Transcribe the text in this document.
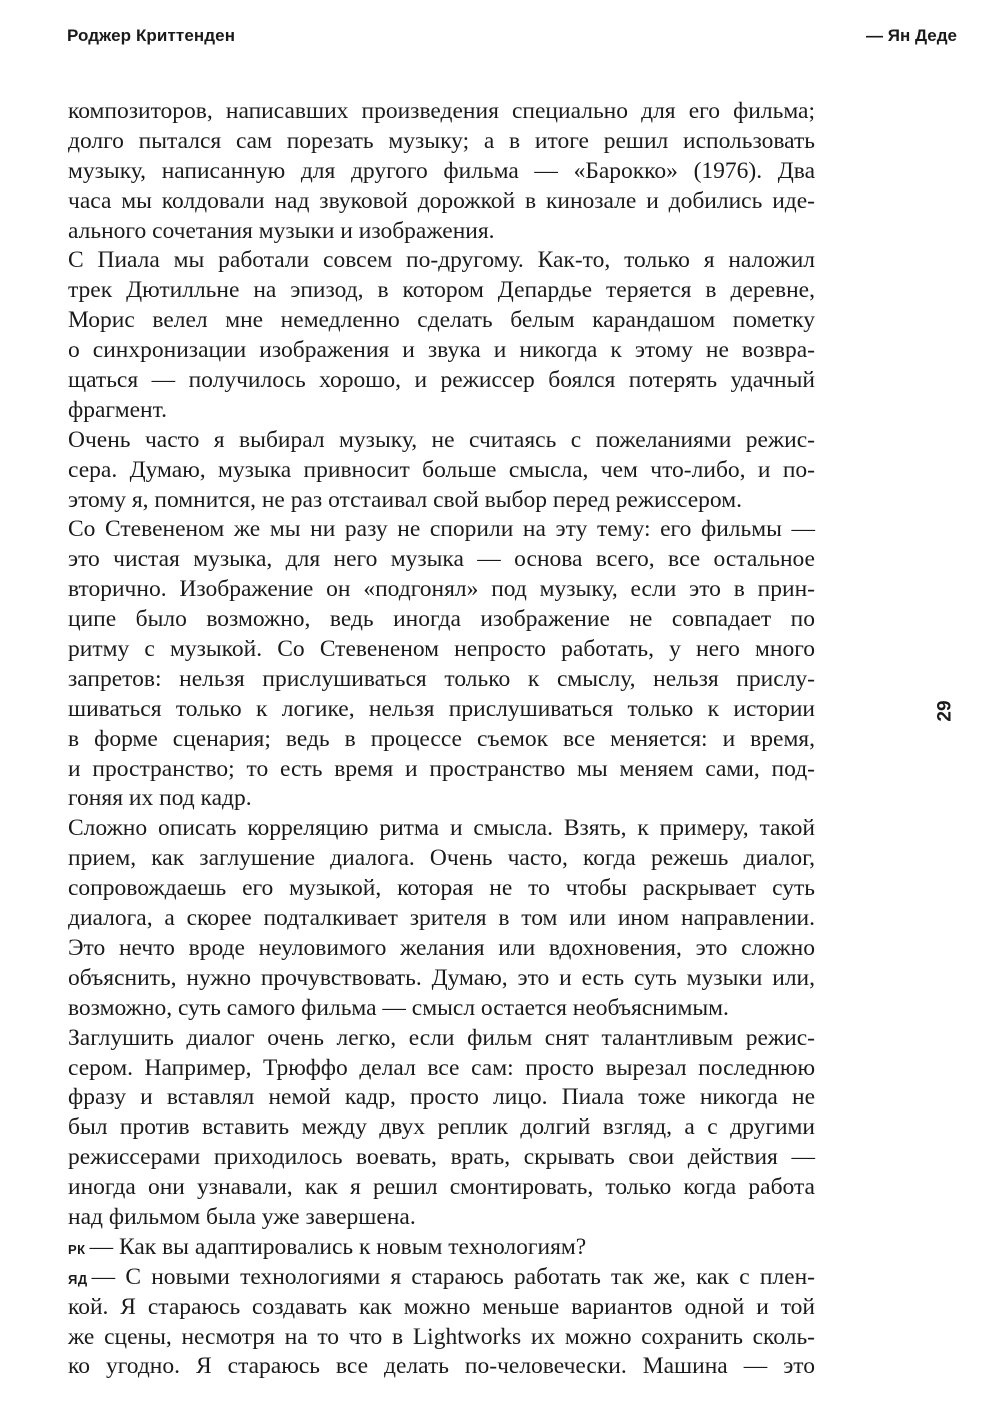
Роджер Криттенден	— Ян Деде
29
композиторов, написавших произведения специально для его фильма;
долго пытался сам порезать музыку; а в итоге решил использовать
музыку, написанную для другого фильма — «Барокко» (1976). Два
часа мы колдовали над звуковой дорожкой в кинозале и добились иде-
ального сочетания музыки и изображения.
С Пиала мы работали совсем по-другому. Как-то, только я наложил
трек Дютилльне на эпизод, в котором Депардье теряется в деревне,
Морис велел мне немедленно сделать белым карандашом пометку
о синхронизации изображения и звука и никогда к этому не возвра-
щаться — получилось хорошо, и режиссер боялся потерять удачный
фрагмент.
Очень часто я выбирал музыку, не считаясь с пожеланиями режис-
сера. Думаю, музыка привносит больше смысла, чем что-либо, и по-
этому я, помнится, не раз отстаивал свой выбор перед режиссером.
Со Стевененом же мы ни разу не спорили на эту тему: его фильмы —
это чистая музыка, для него музыка — основа всего, все остальное
вторично. Изображение он «подгонял» под музыку, если это в прин-
ципе было возможно, ведь иногда изображение не совпадает по
ритму с музыкой. Со Стевененом непросто работать, у него много
запретов: нельзя прислушиваться только к смыслу, нельзя прислу-
шиваться только к логике, нельзя прислушиваться только к истории
в форме сценария; ведь в процессе съемок все меняется: и время,
и пространство; то есть время и пространство мы меняем сами, под-
гоняя их под кадр.
Сложно описать корреляцию ритма и смысла. Взять, к примеру, такой
прием, как заглушение диалога. Очень часто, когда режешь диалог,
сопровождаешь его музыкой, которая не то чтобы раскрывает суть
диалога, а скорее подталкивает зрителя в том или ином направлении.
Это нечто вроде неуловимого желания или вдохновения, это сложно
объяснить, нужно прочувствовать. Думаю, это и есть суть музыки или,
возможно, суть самого фильма — смысл остается необъяснимым.
Заглушить диалог очень легко, если фильм снят талантливым режис-
сером. Например, Трюффо делал все сам: просто вырезал последнюю
фразу и вставлял немой кадр, просто лицо. Пиала тоже никогда не
был против вставить между двух реплик долгий взгляд, а с другими
режиссерами приходилось воевать, врать, скрывать свои действия —
иногда они узнавали, как я решил смонтировать, только когда работа
над фильмом была уже завершена.
РК — Как вы адаптировались к новым технологиям?
ЯД — С новыми технологиями я стараюсь работать так же, как с плен-
кой. Я стараюсь создавать как можно меньше вариантов одной и той
же сцены, несмотря на то что в Lightworks их можно сохранить сколь-
ко угодно. Я стараюсь все делать по-человечески. Машина — это
